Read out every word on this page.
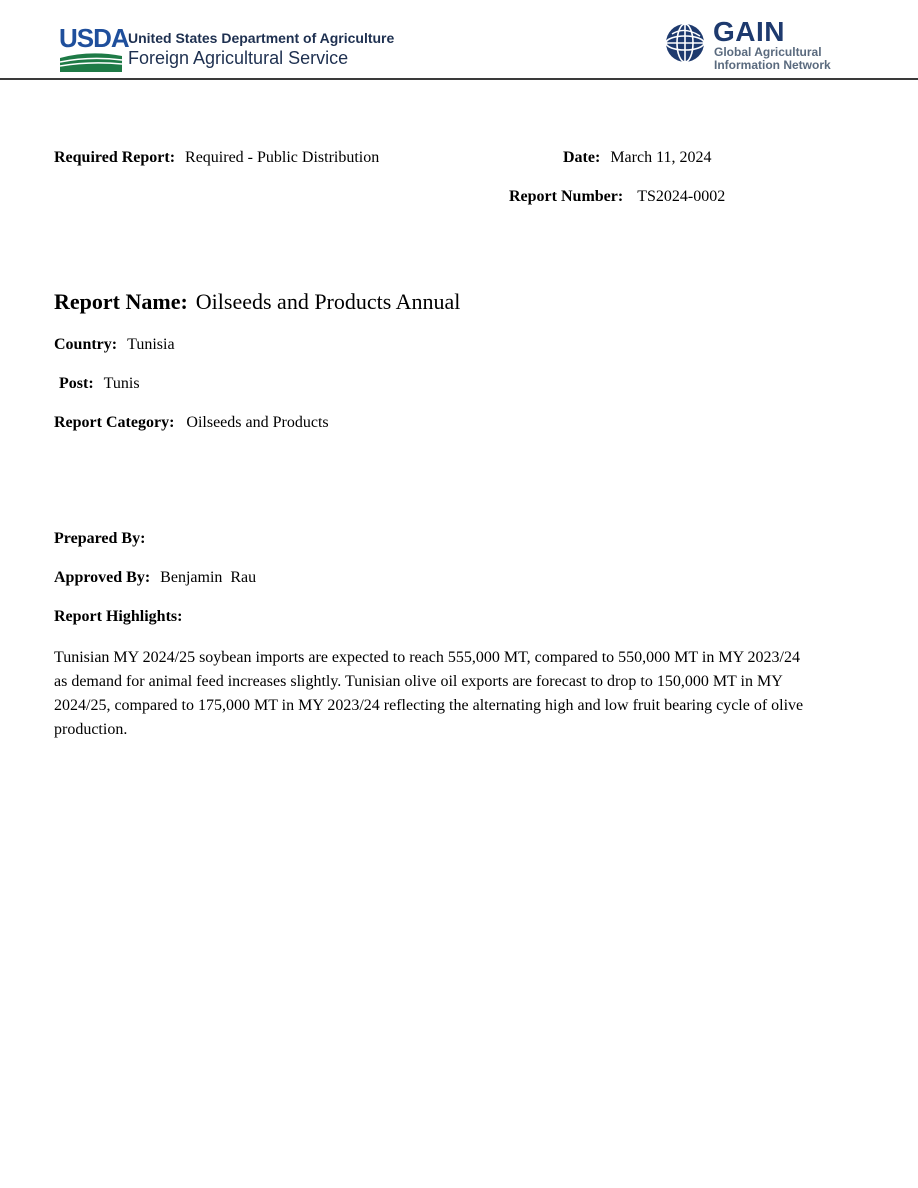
USDA United States Department of Agriculture
Foreign Agricultural Service
GAIN
Global Agricultural
Information Network
Required Report: Required - Public Distribution	Date: March 11, 2024
Report Number: TS2024-0002
Report Name: Oilseeds and Products Annual
Country: Tunisia
Post: Tunis
Report Category: Oilseeds and Products
Prepared By:
Approved By: Benjamin  Rau
Report Highlights:
Tunisian MY 2024/25 soybean imports are expected to reach 555,000 MT, compared to 550,000 MT in MY 2023/24 as demand for animal feed increases slightly. Tunisian olive oil exports are forecast to drop to 150,000 MT in MY 2024/25, compared to 175,000 MT in MY 2023/24 reflecting the alternating high and low fruit bearing cycle of olive production.
